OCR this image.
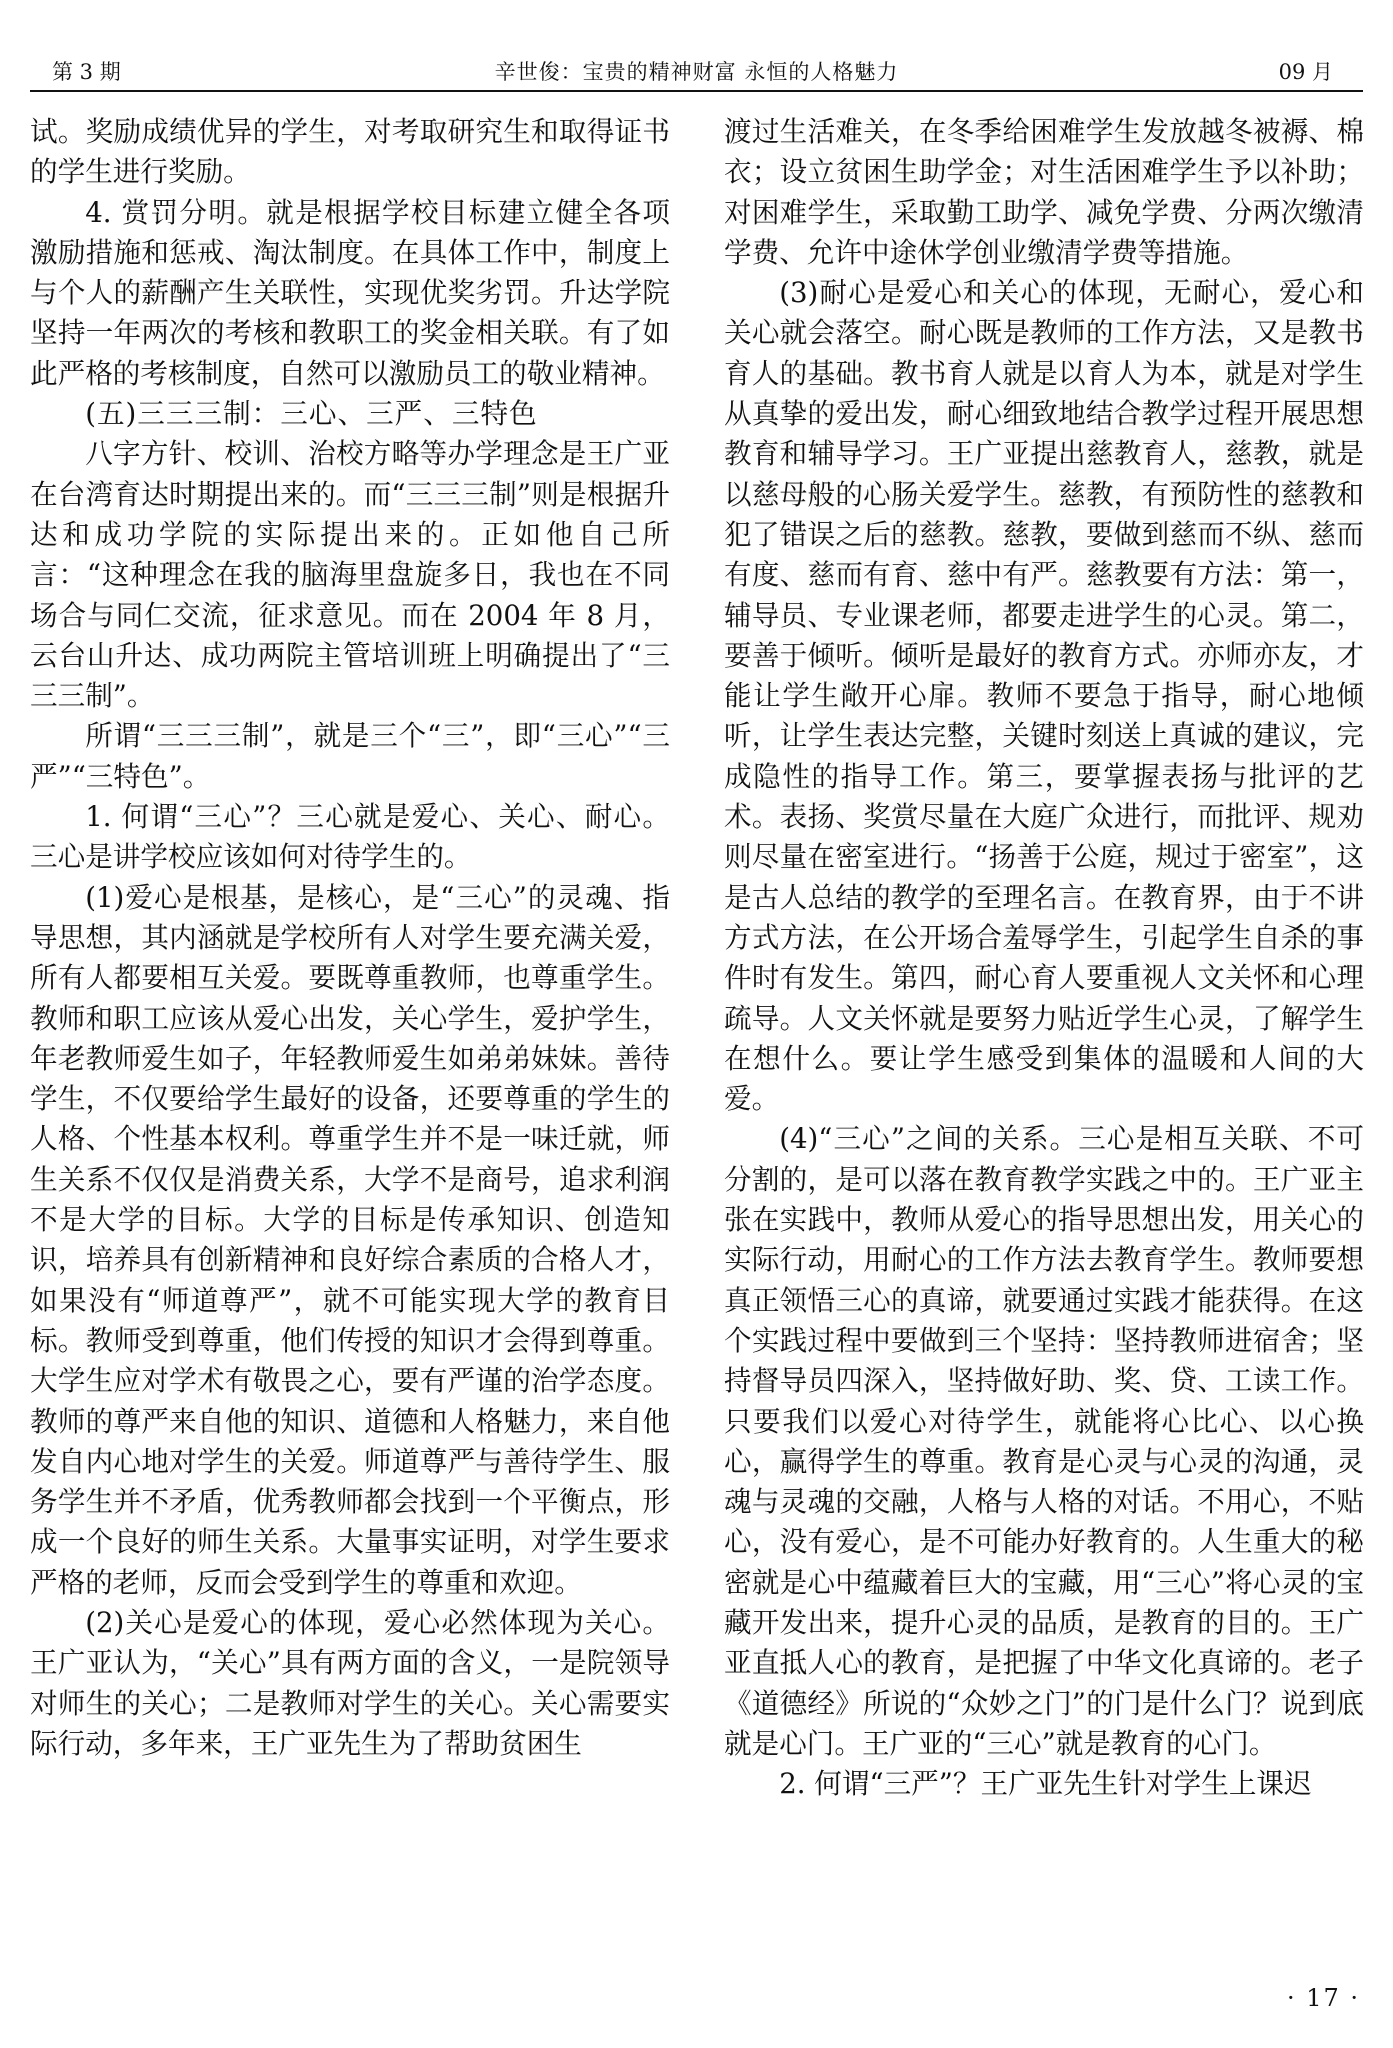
第 3 期	辛世俊：宝贵的精神财富 永恒的人格魅力	09 月

试。奖励成绩优异的学生，对考取研究生和取得证书的学生进行奖励。

4. 赏罚分明。就是根据学校目标建立健全各项激励措施和惩戒、淘汰制度。在具体工作中，制度上与个人的薪酬产生关联性，实现优奖劣罚。升达学院坚持一年两次的考核和教职工的奖金相关联。有了如此严格的考核制度，自然可以激励员工的敬业精神。

(五)三三三制：三心、三严、三特色

八字方针、校训、治校方略等办学理念是王广亚在台湾育达时期提出来的。而“三三三制”则是根据升达和成功学院的实际提出来的。正如他自己所言：“这种理念在我的脑海里盘旋多日，我也在不同场合与同仁交流，征求意见。而在 2004 年 8 月，云台山升达、成功两院主管培训班上明确提出了“三三三制”。

所谓“三三三制”，就是三个“三”，即“三心”“三严”“三特色”。

1. 何谓“三心”？三心就是爱心、关心、耐心。三心是讲学校应该如何对待学生的。

(1)爱心是根基，是核心，是“三心”的灵魂、指导思想，其内涵就是学校所有人对学生要充满关爱，所有人都要相互关爱。要既尊重教师，也尊重学生。教师和职工应该从爱心出发，关心学生，爱护学生，年老教师爱生如子，年轻教师爱生如弟弟妹妹。善待学生，不仅要给学生最好的设备，还要尊重的学生的人格、个性基本权利。尊重学生并不是一味迁就，师生关系不仅仅是消费关系，大学不是商号，追求利润不是大学的目标。大学的目标是传承知识、创造知识，培养具有创新精神和良好综合素质的合格人才，如果没有“师道尊严”，就不可能实现大学的教育目标。教师受到尊重，他们传授的知识才会得到尊重。大学生应对学术有敬畏之心，要有严谨的治学态度。教师的尊严来自他的知识、道德和人格魅力，来自他发自内心地对学生的关爱。师道尊严与善待学生、服务学生并不矛盾，优秀教师都会找到一个平衡点，形成一个良好的师生关系。大量事实证明，对学生要求严格的老师，反而会受到学生的尊重和欢迎。

(2)关心是爱心的体现，爱心必然体现为关心。王广亚认为，“关心”具有两方面的含义，一是院领导对师生的关心；二是教师对学生的关心。关心需要实际行动，多年来，王广亚先生为了帮助贫困生

渡过生活难关，在冬季给困难学生发放越冬被褥、棉衣；设立贫困生助学金；对生活困难学生予以补助；对困难学生，采取勤工助学、减免学费、分两次缴清学费、允许中途休学创业缴清学费等措施。

(3)耐心是爱心和关心的体现，无耐心，爱心和关心就会落空。耐心既是教师的工作方法，又是教书育人的基础。教书育人就是以育人为本，就是对学生从真挚的爱出发，耐心细致地结合教学过程开展思想教育和辅导学习。王广亚提出慈教育人，慈教，就是以慈母般的心肠关爱学生。慈教，有预防性的慈教和犯了错误之后的慈教。慈教，要做到慈而不纵、慈而有度、慈而有育、慈中有严。慈教要有方法：第一，辅导员、专业课老师，都要走进学生的心灵。第二，要善于倾听。倾听是最好的教育方式。亦师亦友，才能让学生敞开心扉。教师不要急于指导，耐心地倾听，让学生表达完整，关键时刻送上真诚的建议，完成隐性的指导工作。第三，要掌握表扬与批评的艺术。表扬、奖赏尽量在大庭广众进行，而批评、规劝则尽量在密室进行。“扬善于公庭，规过于密室”，这是古人总结的教学的至理名言。在教育界，由于不讲方式方法，在公开场合羞辱学生，引起学生自杀的事件时有发生。第四，耐心育人要重视人文关怀和心理疏导。人文关怀就是要努力贴近学生心灵，了解学生在想什么。要让学生感受到集体的温暖和人间的大爱。

(4)“三心”之间的关系。三心是相互关联、不可分割的，是可以落在教育教学实践之中的。王广亚主张在实践中，教师从爱心的指导思想出发，用关心的实际行动，用耐心的工作方法去教育学生。教师要想真正领悟三心的真谛，就要通过实践才能获得。在这个实践过程中要做到三个坚持：坚持教师进宿舍；坚持督导员四深入，坚持做好助、奖、贷、工读工作。只要我们以爱心对待学生，就能将心比心、以心换心，赢得学生的尊重。教育是心灵与心灵的沟通，灵魂与灵魂的交融，人格与人格的对话。不用心，不贴心，没有爱心，是不可能办好教育的。人生重大的秘密就是心中蕴藏着巨大的宝藏，用“三心”将心灵的宝藏开发出来，提升心灵的品质，是教育的目的。王广亚直抵人心的教育，是把握了中华文化真谛的。老子《道德经》所说的“众妙之门”的门是什么门？说到底就是心门。王广亚的“三心”就是教育的心门。

2. 何谓“三严”？王广亚先生针对学生上课迟

· 17 ·
